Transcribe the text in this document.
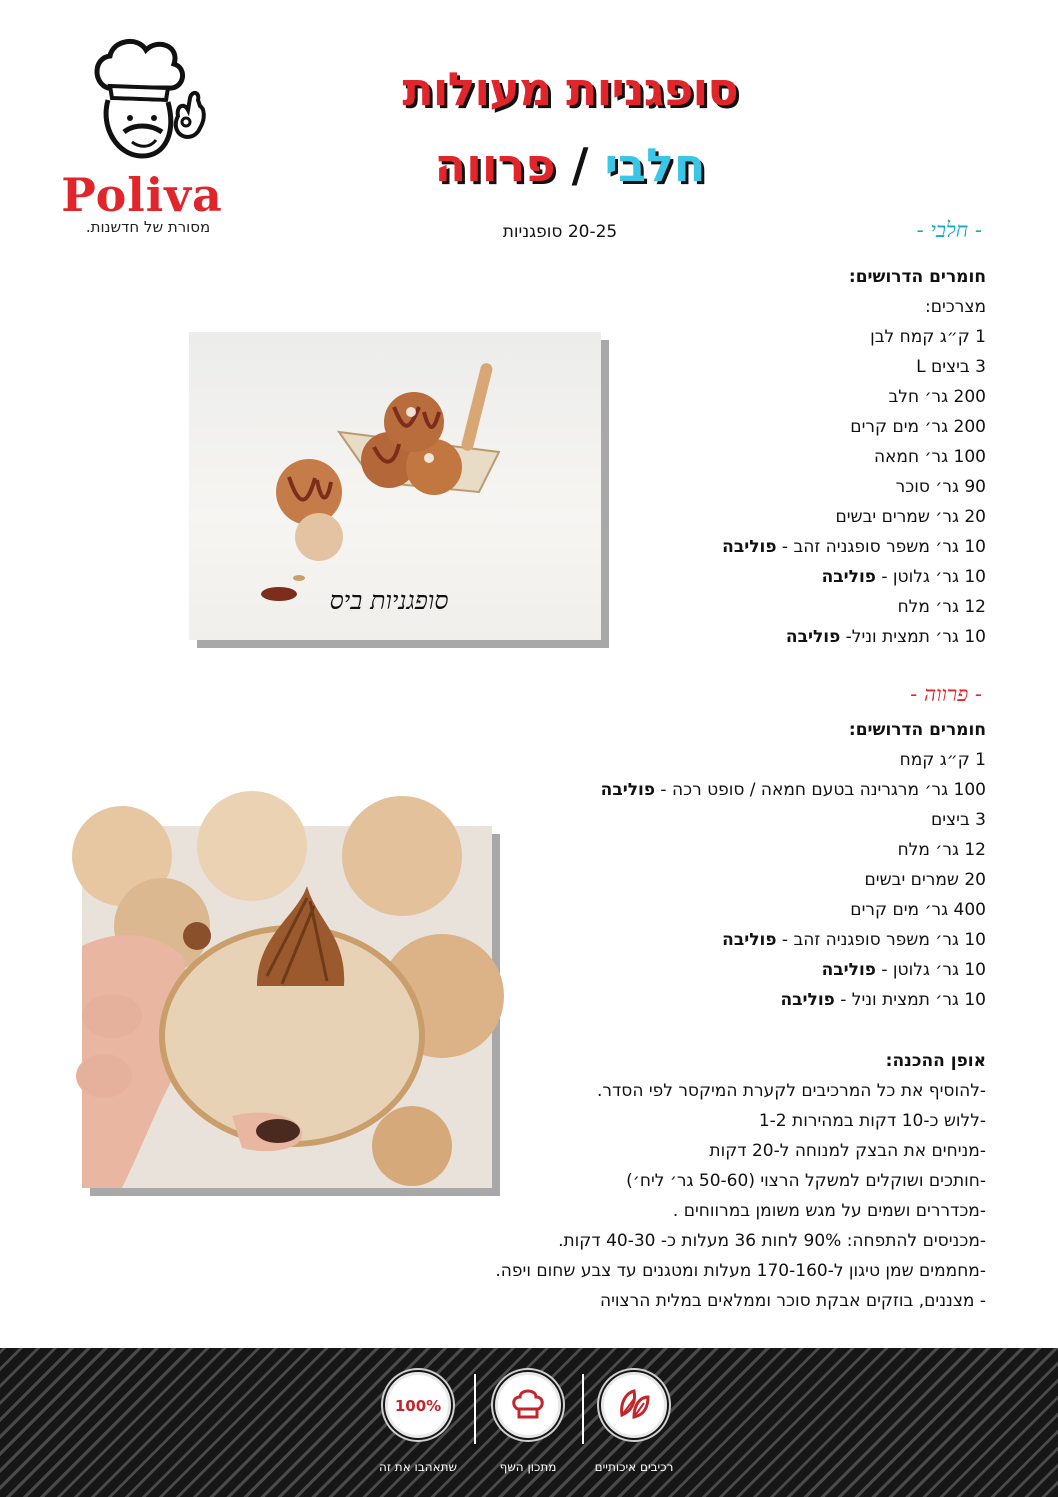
Poliva
מסורת של חדשנות.
סופגניות מעולות
חלבי / פרווה
20-25 סופגניות	- חלבי -
חומרים הדרושים:
מצרכים:
1 ק״ג קמח לבן
3 ביצים L
200 גר׳ חלב
200 גר׳ מים קרים
100 גר׳ חמאה
90 גר׳ סוכר
20 גר׳ שמרים יבשים
10 גר׳ משפר סופגניה זהב - פוליבה
10 גר׳ גלוטן - פוליבה
12 גר׳ מלח
10 גר׳ תמצית וניל- פוליבה
סופגניות ביס
- פרווה -
חומרים הדרושים:
1 ק״ג קמח
100 גר׳ מרגרינה בטעם חמאה / סופט רכה - פוליבה
3 ביצים
12 גר׳ מלח
20 שמרים יבשים
400 גר׳ מים קרים
10 גר׳ משפר סופגניה זהב - פוליבה
10 גר׳ גלוטן - פוליבה
10 גר׳ תמצית וניל - פוליבה
אופן ההכנה:
-להוסיף את כל המרכיבים לקערת המיקסר לפי הסדר.
-ללוש כ-10 דקות במהירות 1-2
-מניחים את הבצק למנוחה ל-20 דקות
-חותכים ושוקלים למשקל הרצוי (50-60 גר׳ ליח׳)
-מכדררים ושמים על מגש משומן במרווחים .
-מכניסים להתפחה: 90% לחות 36 מעלות כ- 40-30 דקות.
-מחממים שמן טיגון ל-170-160 מעלות ומטגנים עד צבע שחום ויפה.
- מצננים, בוזקים אבקת סוכר וממלאים במלית הרצויה
רכיבים איכותיים
מתכון השף
100%
שתאהבו את זה
